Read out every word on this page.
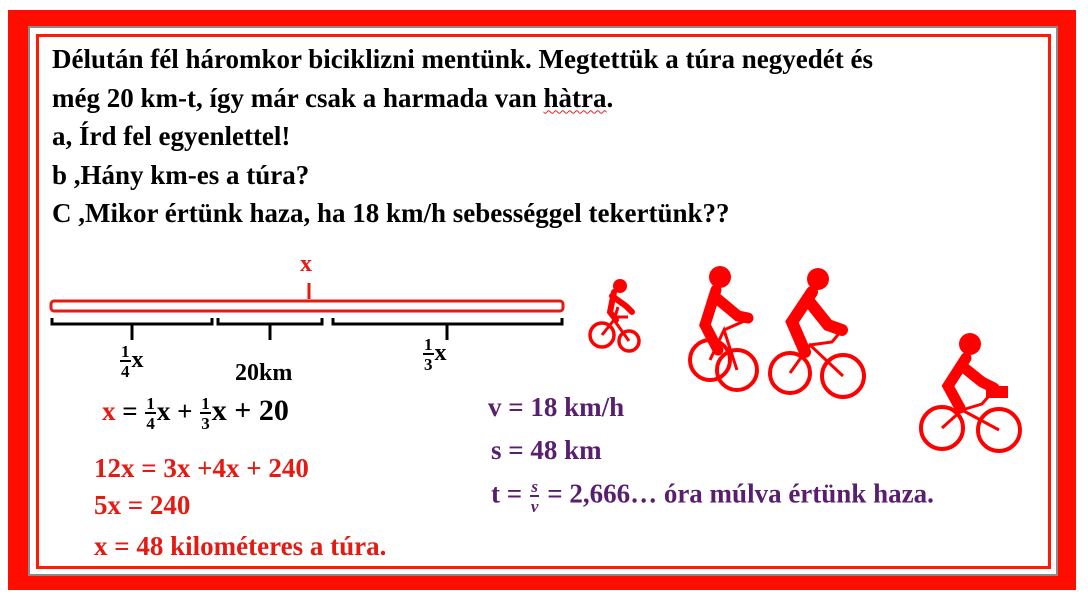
Délután fél háromkor biciklizni mentünk. Megtettük a túra negyedét és
még 20 km-t, így már csak a harmada van hàtra.
a, Írd fel egyenlettel!
b ,Hány km-es a túra?
C ,Mikor értünk haza, ha 18 km/h sebességgel tekertünk??
x
$\frac{1}{4}$ x	20km	$\frac{1}{3}$ x
$x = \frac{1}{4}$ $x + \frac{1}{3}$ x + 20
12x = 3x +4x + 240
5x = 240
x = 48 kilométeres a túra.
v = 18 km/h
s = 48 km
$t = \frac{s}{v}$ = 2,666… óra múlva értünk haza.
